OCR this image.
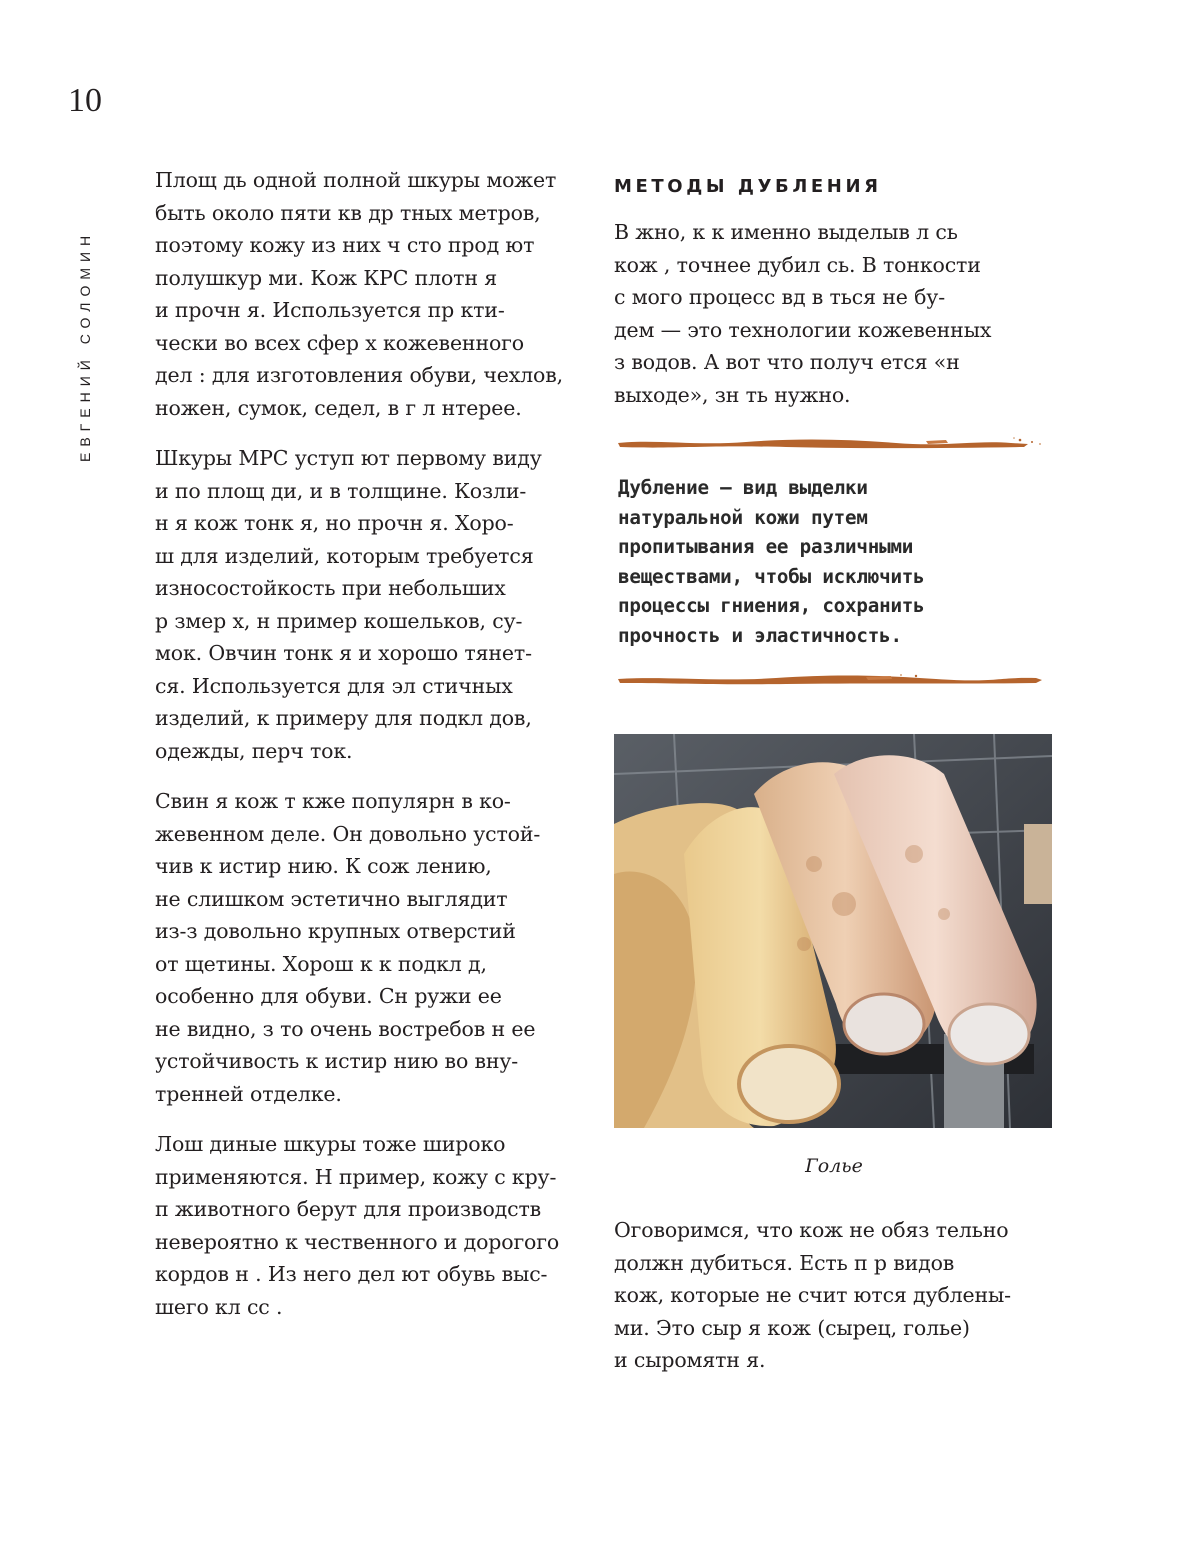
10
ЕВГЕНИЙ СОЛОМИН

Площ дь одной полной шкуры может
быть около пяти кв др тных метров,
поэтому кожу из них ч сто прод ют
полушкур ми. Кож КРС плотн я
и прочн я. Используется пр кти-
чески во всех сфер х кожевенного
дел : для изготовления обуви, чехлов,
ножен, сумок, седел, в г л нтерее.

Шкуры МРС уступ ют первому виду
и по площ ди, и в толщине. Козли-
н я кож тонк я, но прочн я. Хоро-
ш для изделий, которым требуется
износостойкость при небольших
р змер х, н пример кошельков, су-
мок. Овчин тонк я и хорошо тянет-
ся. Используется для эл стичных
изделий, к примеру для подкл дов,
одежды, перч ток.

Свин я кож т кже популярн в ко-
жевенном деле. Он довольно устой-
чив к истир нию. К сож лению,
не слишком эстетично выглядит
из-з довольно крупных отверстий
от щетины. Хорош к к подкл д,
особенно для обуви. Сн ружи ее
не видно, з то очень востребов н ее
устойчивость к истир нию во вну-
тренней отделке.

Лош диные шкуры тоже широко
применяются. Н пример, кожу с кру-
п животного берут для производств
невероятно к чественного и дорогого
кордов н . Из него дел ют обувь выс-
шего кл сс .

МЕТОДЫ ДУБЛЕНИЯ

В жно, к к именно выделыв л сь
кож , точнее дубил сь. В тонкости
с мого процесс вд в ться не бу-
дем — это технологии кожевенных
з водов. А вот что получ ется «н
выходе», зн ть нужно.

Дубление — вид выделки
натуральной кожи путем
пропитывания ее различными
веществами, чтобы исключить
процессы гниения, сохранить
прочность и эластичность.

Голье

Оговоримся, что кож не обяз тельно
должн дубиться. Есть п р видов
кож, которые не счит ются дублены-
ми. Это сыр я кож (сырец, голье)
и сыромятн я.
